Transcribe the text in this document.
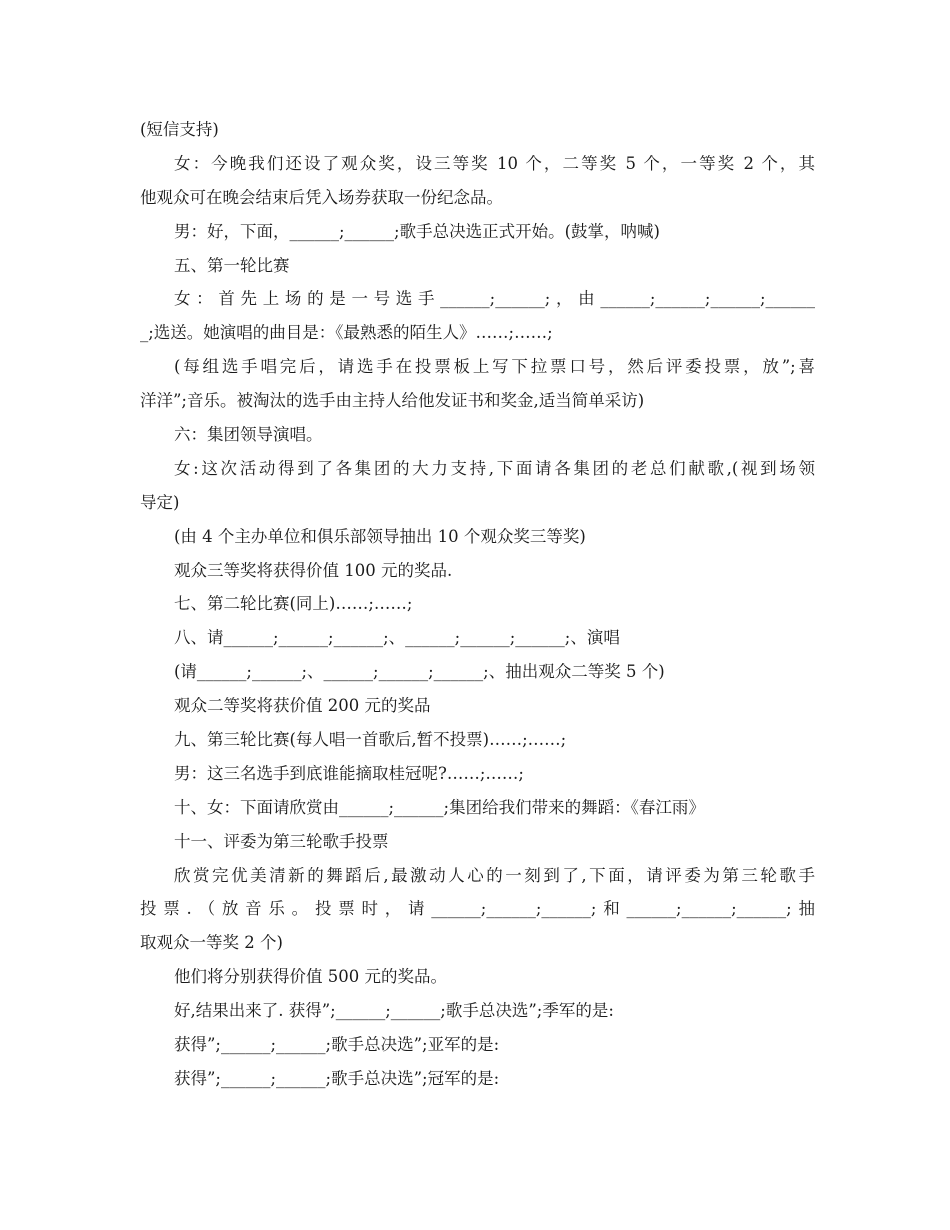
(短信支持)
女：今晚我们还设了观众奖，设三等奖 10 个，二等奖 5 个，一等奖 2 个，其
他观众可在晚会结束后凭入场券获取一份纪念品。
男：好，下面，______;______;歌手总决选正式开始。(鼓掌，呐喊)
五、第一轮比赛
女：首先上场的是一号选手______;______;，由______;______;______;______
_;选送。她演唱的曲目是：《最熟悉的陌生人》……;……;
(每组选手唱完后，请选手在投票板上写下拉票口号，然后评委投票，放”;喜
洋洋”;音乐。被淘汰的选手由主持人给他发证书和奖金,适当简单采访)
六：集团领导演唱。
女:这次活动得到了各集团的大力支持,下面请各集团的老总们献歌,(视到场领
导定)
(由 4 个主办单位和俱乐部领导抽出 10 个观众奖三等奖)
观众三等奖将获得价值 100 元的奖品.
七、第二轮比赛(同上)……;……;
八、请______;______;______;、______;______;______;、演唱
(请______;______;、______;______;______;、抽出观众二等奖 5 个)
观众二等奖将获价值 200 元的奖品
九、第三轮比赛(每人唱一首歌后,暂不投票)……;……;
男：这三名选手到底谁能摘取桂冠呢?……;……;
十、女：下面请欣赏由______;______;集团给我们带来的舞蹈：《春江雨》
十一、评委为第三轮歌手投票
欣赏完优美清新的舞蹈后,最激动人心的一刻到了,下面，请评委为第三轮歌手
投票.（放音乐。投票时，请______;______;______;和______;______;______;抽
取观众一等奖 2 个)
他们将分别获得价值 500 元的奖品。
好,结果出来了. 获得”;______;______;歌手总决选”;季军的是:
获得”;______;______;歌手总决选”;亚军的是:
获得”;______;______;歌手总决选”;冠军的是:
